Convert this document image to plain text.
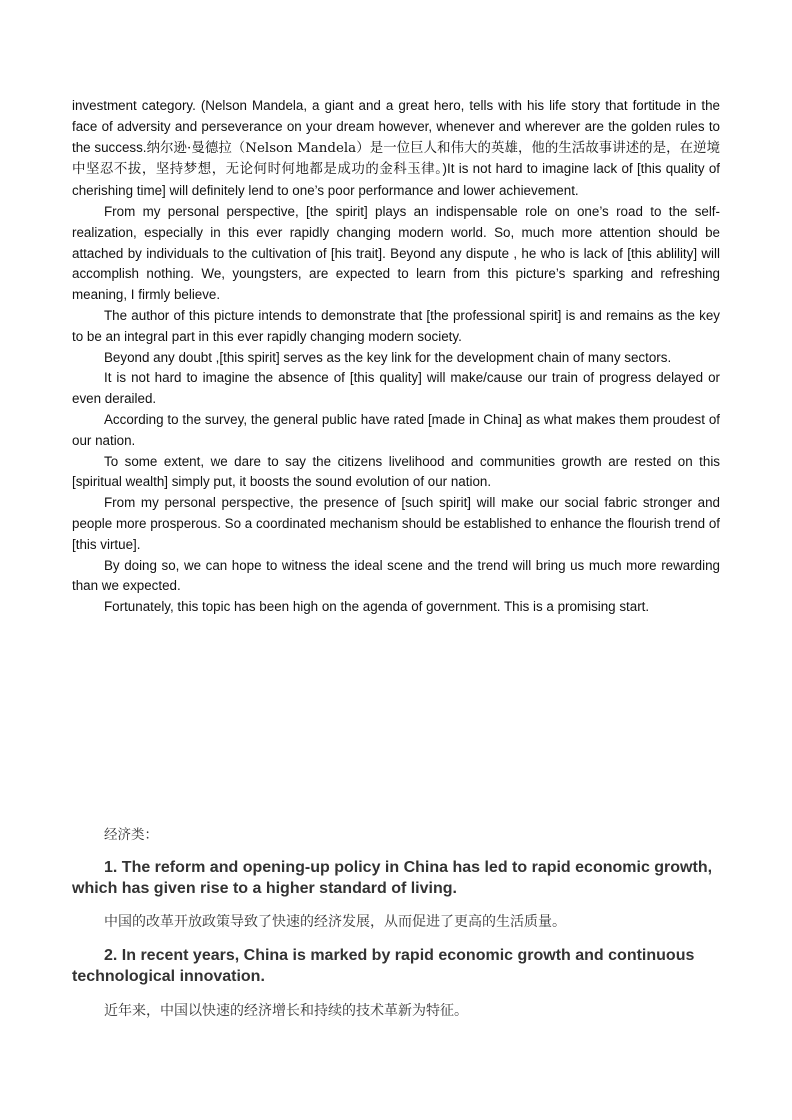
investment category. (Nelson Mandela, a giant and a great hero, tells with his life story that fortitude in the face of adversity and perseverance on your dream however, whenever and wherever are the golden rules to the success.纳尔逊·曼德拉（Nelson Mandela）是一位巨人和伟大的英雄，他的生活故事讲述的是，在逆境中坚忍不拔，坚持梦想，无论何时何地都是成功的金科玉律。)It is not hard to imagine lack of [this quality of cherishing time] will definitely lend to one’s poor performance and lower achievement.

From my personal perspective, [the spirit] plays an indispensable role on one’s road to the self-realization, especially in this ever rapidly changing modern world. So, much more attention should be attached by individuals to the cultivation of [his trait]. Beyond any dispute , he who is lack of [this ablility] will accomplish nothing. We, youngsters, are expected to learn from this picture’s sparking and refreshing meaning, I firmly believe.

The author of this picture intends to demonstrate that [the professional spirit] is and remains as the key to be an integral part in this ever rapidly changing modern society.

Beyond any doubt ,[this spirit] serves as the key link for the development chain of many sectors.

It is not hard to imagine the absence of [this quality] will make/cause our train of progress delayed or even derailed.

According to the survey, the general public have rated [made in China] as what makes them proudest of our nation.

To some extent, we dare to say the citizens livelihood and communities growth are rested on this [spiritual wealth] simply put, it boosts the sound evolution of our nation.

From my personal perspective, the presence of [such spirit] will make our social fabric stronger and people more prosperous. So a coordinated mechanism should be established to enhance the flourish trend of [this virtue].

By doing so, we can hope to witness the ideal scene and the trend will bring us much more rewarding than we expected.

Fortunately, this topic has been high on the agenda of government. This is a promising start.

经济类：

1. The reform and opening-up policy in China has led to rapid economic growth, which has given rise to a higher standard of living.

中国的改革开放政策导致了快速的经济发展，从而促进了更高的生活质量。

2. In recent years, China is marked by rapid economic growth and continuous technological innovation.

近年来，中国以快速的经济增长和持续的技术革新为特征。
